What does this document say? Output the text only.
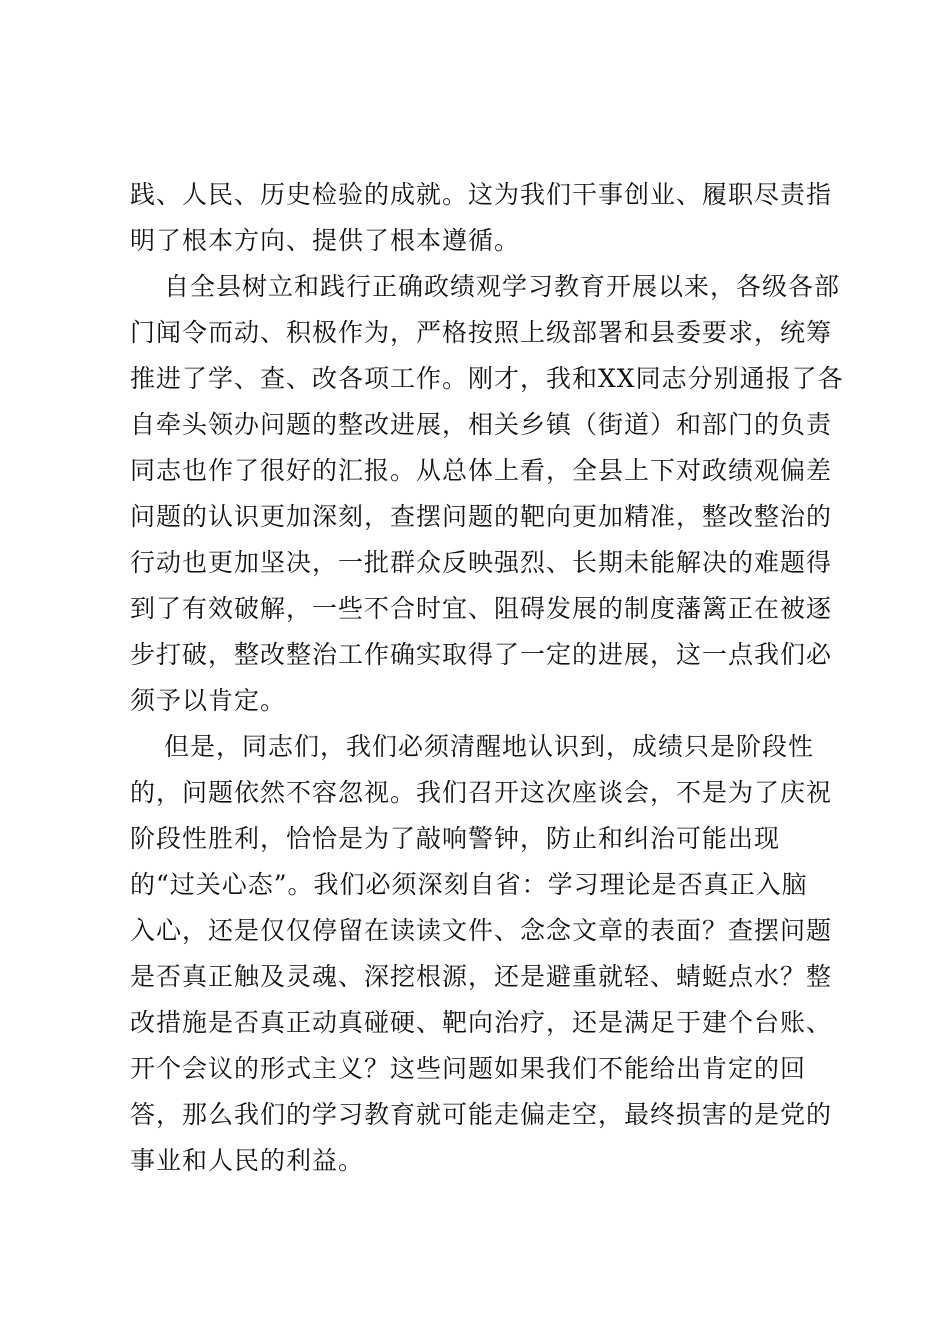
践、人民、历史检验的成就。这为我们干事创业、履职尽责指
明了根本方向、提供了根本遵循。
自全县树立和践行正确政绩观学习教育开展以来，各级各部
门闻令而动、积极作为，严格按照上级部署和县委要求，统筹
推进了学、查、改各项工作。刚才，我和XX同志分别通报了各
自牵头领办问题的整改进展，相关乡镇（街道）和部门的负责
同志也作了很好的汇报。从总体上看，全县上下对政绩观偏差
问题的认识更加深刻，查摆问题的靶向更加精准，整改整治的
行动也更加坚决，一批群众反映强烈、长期未能解决的难题得
到了有效破解，一些不合时宜、阻碍发展的制度藩篱正在被逐
步打破，整改整治工作确实取得了一定的进展，这一点我们必
须予以肯定。
但是，同志们，我们必须清醒地认识到，成绩只是阶段性
的，问题依然不容忽视。我们召开这次座谈会，不是为了庆祝
阶段性胜利，恰恰是为了敲响警钟，防止和纠治可能出现
的“过关心态”。我们必须深刻自省：学习理论是否真正入脑
入心，还是仅仅停留在读读文件、念念文章的表面？查摆问题
是否真正触及灵魂、深挖根源，还是避重就轻、蜻蜓点水？整
改措施是否真正动真碰硬、靶向治疗，还是满足于建个台账、
开个会议的形式主义？这些问题如果我们不能给出肯定的回
答，那么我们的学习教育就可能走偏走空，最终损害的是党的
事业和人民的利益。
